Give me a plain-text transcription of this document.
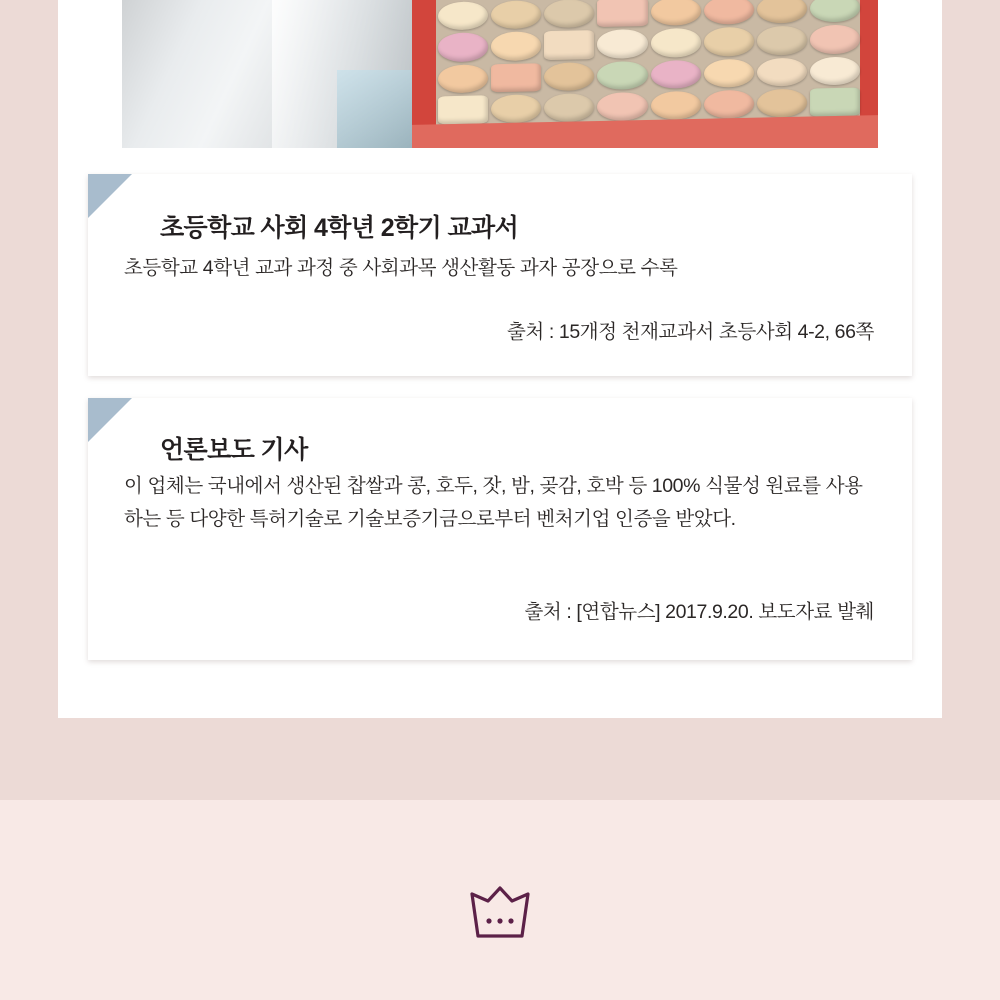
초등학교 사회 4학년 2학기 교과서
초등학교 4학년 교과 과정 중 사회과목 생산활동 과자 공장으로 수록
출처 : 15개정 천재교과서 초등사회 4-2, 66쪽
언론보도 기사
이 업체는 국내에서 생산된 찹쌀과 콩, 호두, 잣, 밤, 곶감, 호박 등 100% 식물성 원료를 사용하는 등 다양한 특허기술로 기술보증기금으로부터 벤처기업 인증을 받았다.
출처 : [연합뉴스] 2017.9.20. 보도자료 발췌
